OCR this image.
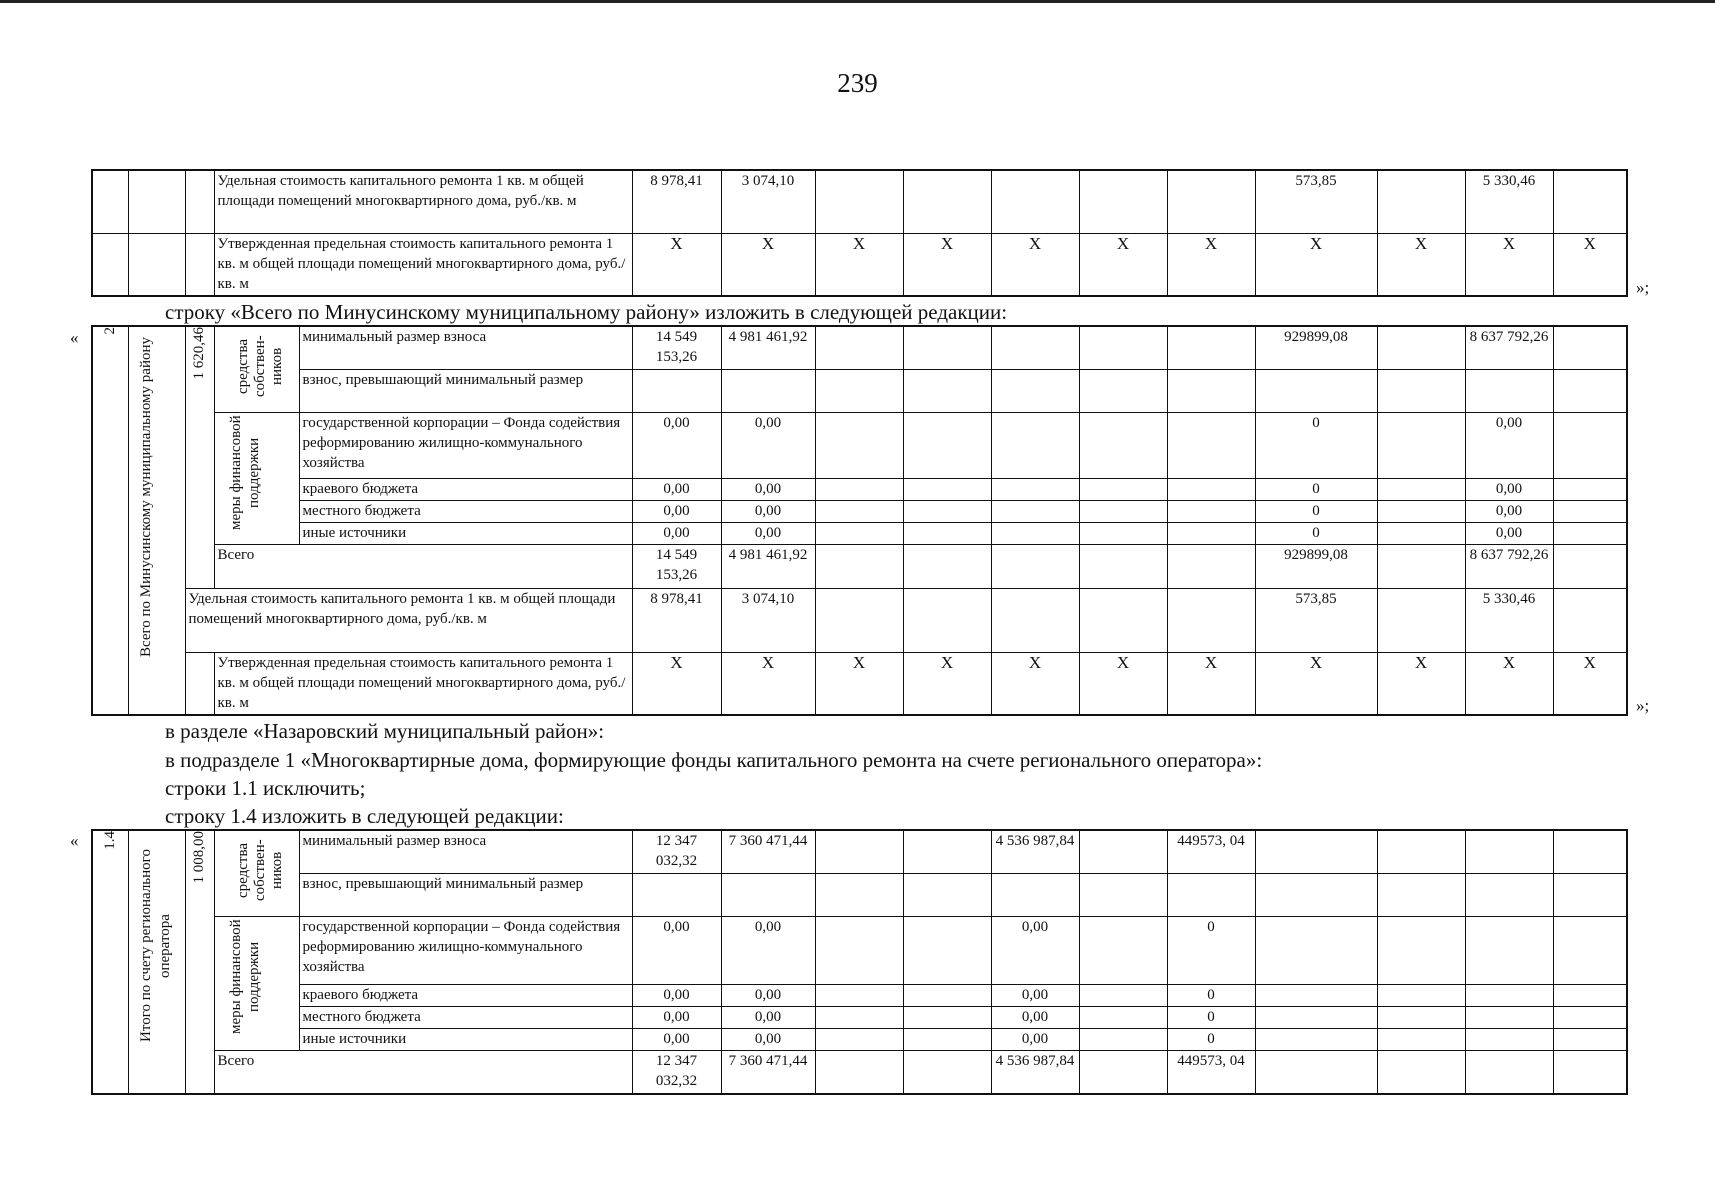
239
			Удельная стоимость капитального ремонта 1 кв. м общей площади помещений многоквартирного дома, руб./кв. м	8 978,41	3 074,10						573,85		5 330,46	
			Утвержденная предельная стоимость капитального ремонта 1 кв. м общей площади помещений многоквартирного дома, руб./кв. м	X	X	X	X	X	X	X	X	X	X	X
»;
строку «Всего по Минусинскому муниципальному району» изложить в следующей редакции:
« 2	Всего по Минусинскому муниципальному району	1 620,46	средства собствен-ников	минимальный размер взноса	14 549 153,26	4 981 461,92						929899,08		8 637 792,26	
				взнос, превышающий минимальный размер											

			меры финансовой поддержки	государственной корпорации – Фонда содействия реформированию жилищно-коммунального хозяйства	0,00	0,00						0		0,00	
				краевого бюджета	0,00	0,00						0		0,00	
				местного бюджета	0,00	0,00						0		0,00	
				иные источники	0,00	0,00						0		0,00	
			Всего		14 549 153,26	4 981 461,92						929899,08		8 637 792,26	
		Удельная стоимость капитального ремонта 1 кв. м общей площади помещений многоквартирного дома, руб./кв. м			8 978,41	3 074,10						573,85		5 330,46	
			Утвержденная предельная стоимость капитального ремонта 1 кв. м общей площади помещений многоквартирного дома, руб./кв. м		X	X	X	X	X	X	X	X	X	X	X
»;
в разделе «Назаровский муниципальный район»:
в подразделе 1 «Многоквартирные дома, формирующие фонды капитального ремонта на счете регионального оператора»:
строки 1.1 исключить;
строку 1.4 изложить в следующей редакции:
« 1.4	Итого по счету регионального оператора	1 008,00	средства собствен-ников	минимальный размер взноса	12 347 032,32	7 360 471,44			4 536 987,84		449573, 04				
				взнос, превышающий минимальный размер											

			меры финансовой поддержки	государственной корпорации – Фонда содействия реформированию жилищно-коммунального хозяйства	0,00	0,00			0,00		0				
				краевого бюджета	0,00	0,00			0,00		0				
				местного бюджета	0,00	0,00			0,00		0				
				иные источники	0,00	0,00			0,00		0				
			Всего		12 347 032,32	7 360 471,44			4 536 987,84		449573, 04				
